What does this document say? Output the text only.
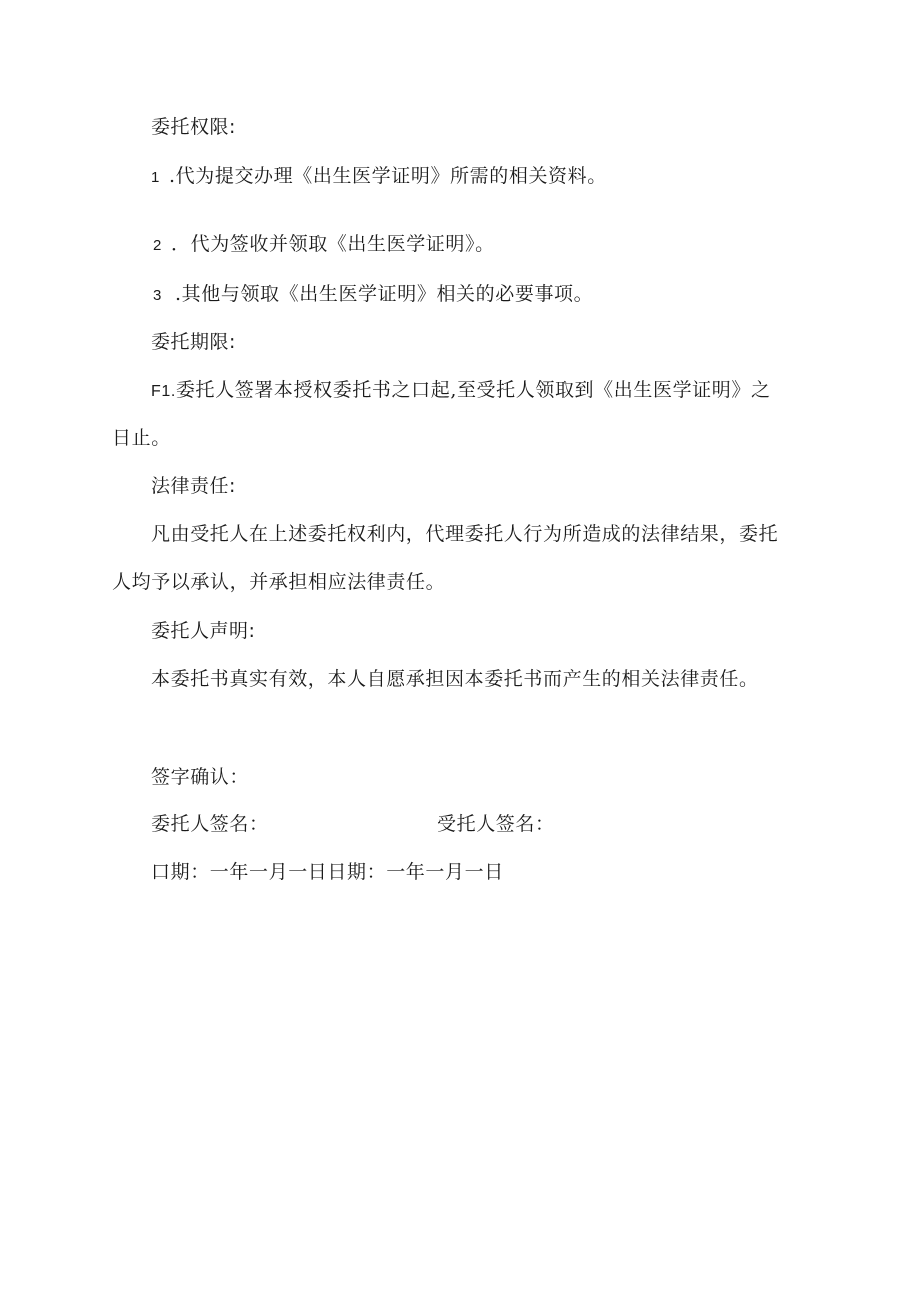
委托权限:
1 .代为提交办理《出生医学证明》所需的相关资料。
2 ．代为签收并领取《出生医学证明》。
3 .其他与领取《出生医学证明》相关的必要事项。
委托期限:
F1.委托人签署本授权委托书之口起,至受托人领取到《出生医学证明》之
日止。
法律责任:
凡由受托人在上述委托权利内，代理委托人行为所造成的法律结果，委托
人均予以承认，并承担相应法律责任。
委托人声明:
本委托书真实有效，本人自愿承担因本委托书而产生的相关法律责任。
签字确认：
委托人签名：	受托人签名：
口期：一年一月一日日期：一年一月一日
